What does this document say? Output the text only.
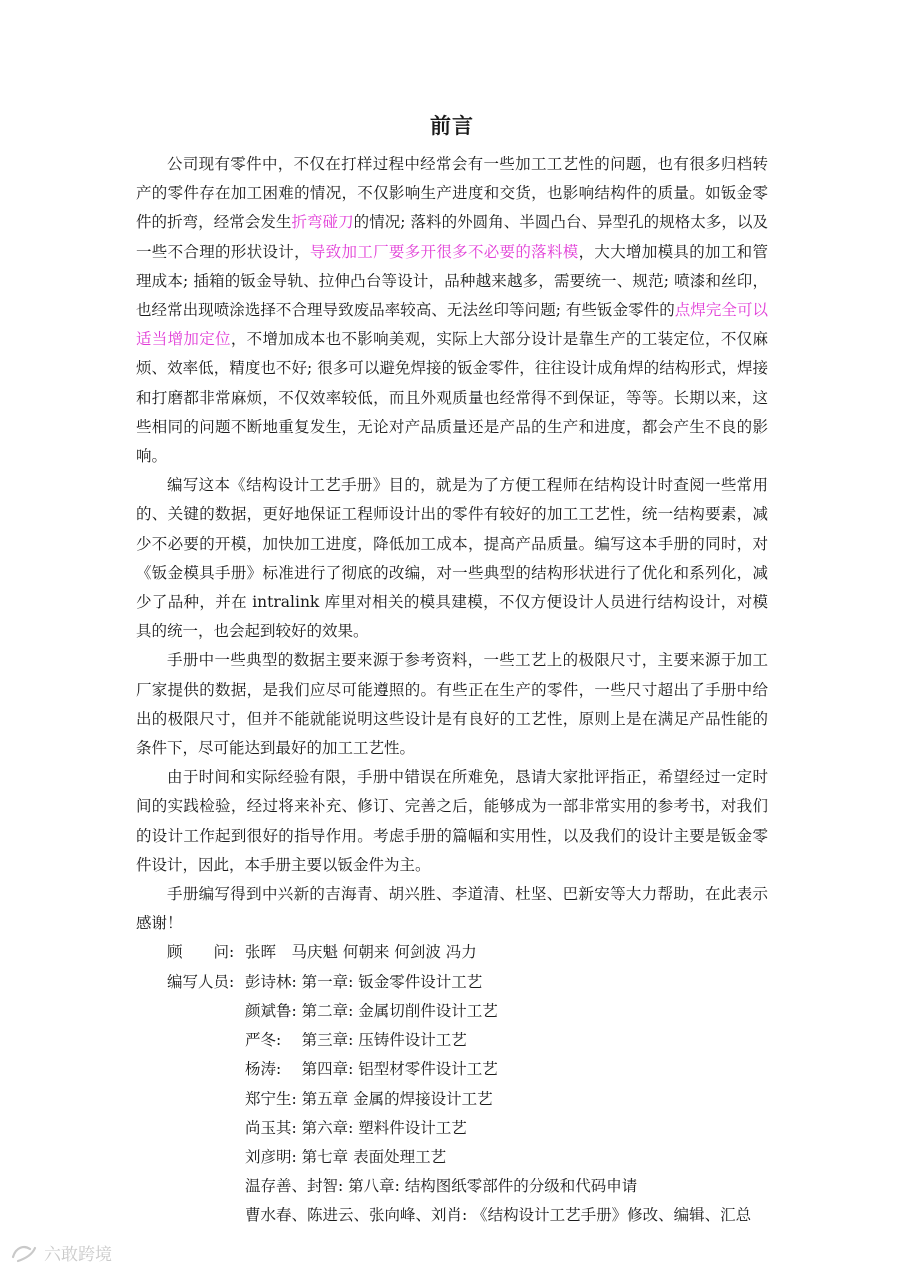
前言

公司现有零件中，不仅在打样过程中经常会有一些加工工艺性的问题，也有很多归档转产的零件存在加工困难的情况，不仅影响生产进度和交货，也影响结构件的质量。如钣金零件的折弯，经常会发生折弯碰刀的情况; 落料的外圆角、半圆凸台、异型孔的规格太多，以及一些不合理的形状设计，导致加工厂要多开很多不必要的落料模，大大增加模具的加工和管理成本; 插箱的钣金导轨、拉伸凸台等设计，品种越来越多，需要统一、规范; 喷漆和丝印，也经常出现喷涂选择不合理导致废品率较高、无法丝印等问题; 有些钣金零件的点焊完全可以适当增加定位，不增加成本也不影响美观，实际上大部分设计是靠生产的工装定位，不仅麻烦、效率低，精度也不好; 很多可以避免焊接的钣金零件，往往设计成角焊的结构形式，焊接和打磨都非常麻烦，不仅效率较低，而且外观质量也经常得不到保证，等等。长期以来，这些相同的问题不断地重复发生，无论对产品质量还是产品的生产和进度，都会产生不良的影响。

编写这本《结构设计工艺手册》目的，就是为了方便工程师在结构设计时查阅一些常用的、关键的数据，更好地保证工程师设计出的零件有较好的加工工艺性，统一结构要素，减少不必要的开模，加快加工进度，降低加工成本，提高产品质量。编写这本手册的同时，对《钣金模具手册》标准进行了彻底的改编，对一些典型的结构形状进行了优化和系列化，减少了品种，并在 intralink 库里对相关的模具建模，不仅方便设计人员进行结构设计，对模具的统一，也会起到较好的效果。

手册中一些典型的数据主要来源于参考资料，一些工艺上的极限尺寸，主要来源于加工厂家提供的数据，是我们应尽可能遵照的。有些正在生产的零件，一些尺寸超出了手册中给出的极限尺寸，但并不能就能说明这些设计是有良好的工艺性，原则上是在满足产品性能的条件下，尽可能达到最好的加工工艺性。

由于时间和实际经验有限，手册中错误在所难免，恳请大家批评指正，希望经过一定时间的实践检验，经过将来补充、修订、完善之后，能够成为一部非常实用的参考书，对我们的设计工作起到很好的指导作用。考虑手册的篇幅和实用性，以及我们的设计主要是钣金零件设计，因此，本手册主要以钣金件为主。

手册编写得到中兴新的吉海青、胡兴胜、李道清、杜坚、巴新安等大力帮助，在此表示感谢！

顾　　问: 张晖　马庆魁 何朝来 何剑波 冯力
编写人员: 彭诗林: 第一章: 钣金零件设计工艺
颜斌鲁: 第二章: 金属切削件设计工艺
严冬:　 第三章: 压铸件设计工艺
杨涛:　 第四章: 铝型材零件设计工艺
郑宁生: 第五章 金属的焊接设计工艺
尚玉其: 第六章: 塑料件设计工艺
刘彦明: 第七章 表面处理工艺
温存善、封智: 第八章: 结构图纸零部件的分级和代码申请
曹水春、陈进云、张向峰、刘肖: 《结构设计工艺手册》修改、编辑、汇总
六敢跨境
